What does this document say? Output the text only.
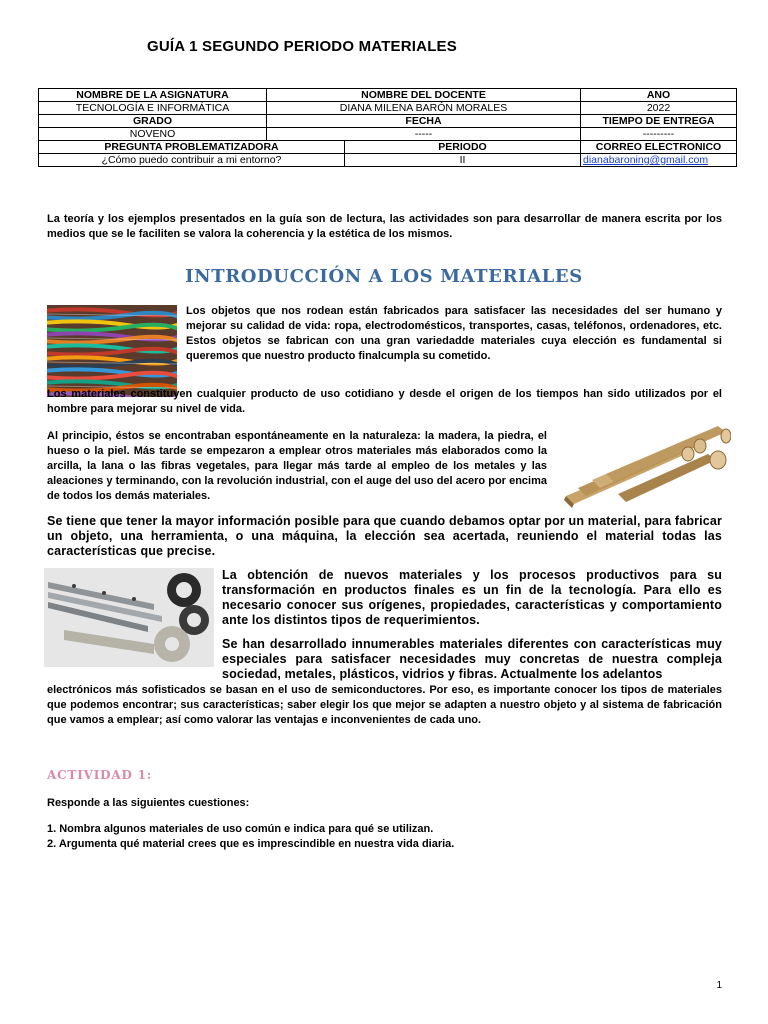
GUÍA 1 SEGUNDO PERIODO MATERIALES
NOMBRE DE LA ASIGNATURA	NOMBRE DEL DOCENTE		ANO
TECNOLOGÍA E INFORMÁTICA	DIANA MILENA BARÓN MORALES		2022
GRADO	FECHA		TIEMPO DE ENTREGA
NOVENO	-----		---------
PREGUNTA PROBLEMATIZADORA		PERIODO	CORREO ELECTRONICO
¿Cómo puedo contribuir a mi entorno?		II	dianabaroning@gmail.com

La teoría y los ejemplos presentados en la guía son de lectura, las actividades son para desarrollar de manera escrita por los medios que se le faciliten se valora la coherencia y la estética de los mismos.

INTRODUCCIÓN A LOS MATERIALES

Los objetos que nos rodean están fabricados para satisfacer las necesidades del ser humano y mejorar su calidad de vida: ropa, electrodomésticos, transportes, casas, teléfonos, ordenadores, etc. Estos objetos se fabrican con una gran variedadde materiales cuya elección es fundamental si queremos que nuestro producto finalcumpla su cometido.

Los materiales constituyen cualquier producto de uso cotidiano y desde el origen de los tiempos han sido utilizados por el hombre para mejorar su nivel de vida.

Al principio, éstos se encontraban espontáneamente en la naturaleza: la madera, la piedra, el hueso o la piel. Más tarde se empezaron a emplear otros materiales más elaborados como la arcilla, la lana o las fibras vegetales, para llegar más tarde al empleo de los metales y las aleaciones y terminando, con la revolución industrial, con el auge del uso del acero por encima de todos los demás materiales.

Se tiene que tener la mayor información posible para que cuando debamos optar por un material, para fabricar un objeto, una herramienta, o una máquina, la elección sea acertada, reuniendo el material todas las características que precise.

La obtención de nuevos materiales y los procesos productivos para su transformación en productos finales es un fin de la tecnología. Para ello es necesario conocer sus orígenes, propiedades, características y comportamiento ante los distintos tipos de requerimientos.

Se han desarrollado innumerables materiales diferentes con características muy especiales para satisfacer necesidades muy concretas de nuestra compleja sociedad, metales, plásticos, vidrios y fibras. Actualmente los adelantos

electrónicos más sofisticados se basan en el uso de semiconductores. Por eso, es importante conocer los tipos de materiales que podemos encontrar; sus características; saber elegir los que mejor se adapten a nuestro objeto y al sistema de fabricación que vamos a emplear; así como valorar las ventajas e inconvenientes de cada uno.

ACTIVIDAD 1:

Responde a las siguientes cuestiones:

1. Nombra algunos materiales de uso común e indica para qué se utilizan.
2. Argumenta qué material crees que es imprescindible en nuestra vida diaria.
1
